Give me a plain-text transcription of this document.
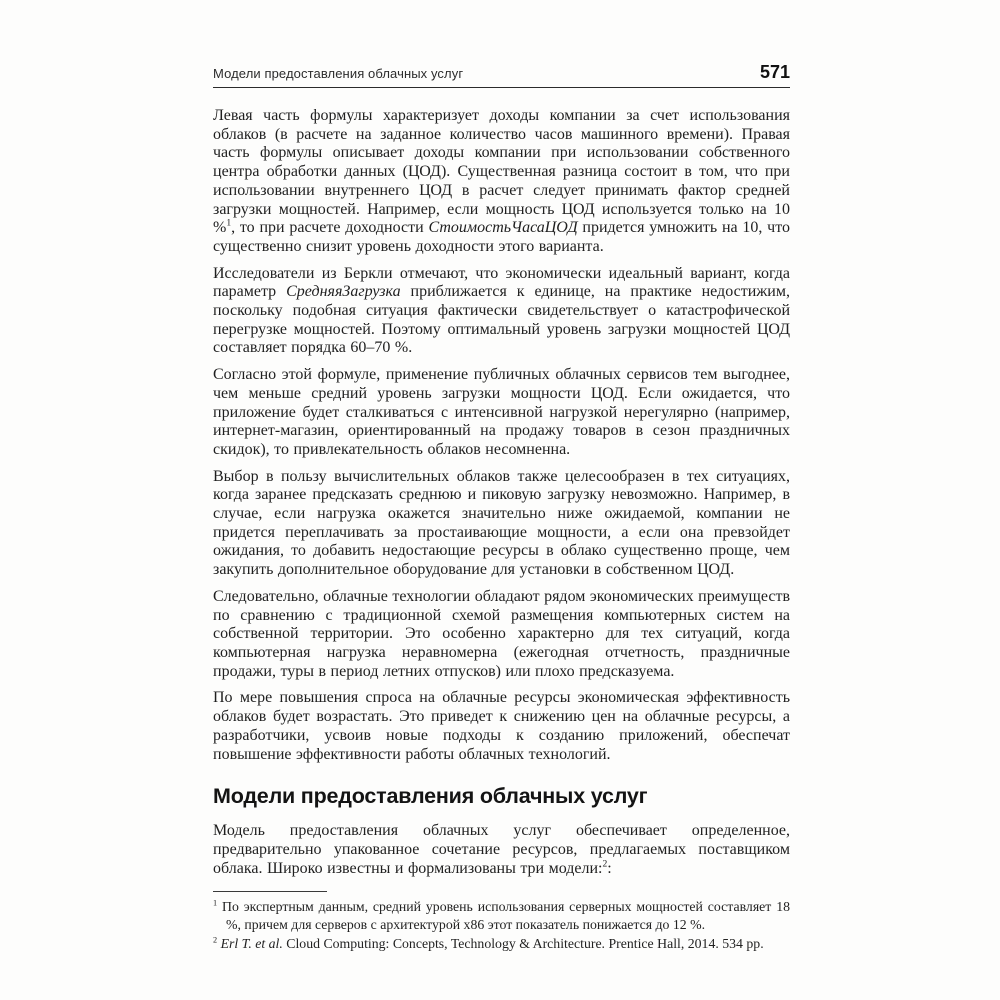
Модели предоставления облачных услуг	571

Левая часть формулы характеризует доходы компании за счет использования облаков (в расчете на заданное количество часов машинного времени). Правая часть формулы описывает доходы компании при использовании собственного центра обработки данных (ЦОД). Существенная разница состоит в том, что при использовании внутреннего ЦОД в расчет следует принимать фактор средней загрузки мощностей. Например, если мощность ЦОД используется только на 10 %$^1$, то при расчете доходности СтоимостьЧасаЦОД придется умножить на 10, что существенно снизит уровень доходности этого варианта.

Исследователи из Беркли отмечают, что экономически идеальный вариант, когда параметр СредняяЗагрузка приближается к единице, на практике недостижим, поскольку подобная ситуация фактически свидетельствует о катастрофической перегрузке мощностей. Поэтому оптимальный уровень загрузки мощностей ЦОД составляет порядка 60–70 %.

Согласно этой формуле, применение публичных облачных сервисов тем выгоднее, чем меньше средний уровень загрузки мощности ЦОД. Если ожидается, что приложение будет сталкиваться с интенсивной нагрузкой нерегулярно (например, интернет-магазин, ориентированный на продажу товаров в сезон праздничных скидок), то привлекательность облаков несомненна.

Выбор в пользу вычислительных облаков также целесообразен в тех ситуациях, когда заранее предсказать среднюю и пиковую загрузку невозможно. Например, в случае, если нагрузка окажется значительно ниже ожидаемой, компании не придется переплачивать за простаивающие мощности, а если она превзойдет ожидания, то добавить недостающие ресурсы в облако существенно проще, чем закупить дополнительное оборудование для установки в собственном ЦОД.

Следовательно, облачные технологии обладают рядом экономических преимуществ по сравнению с традиционной схемой размещения компьютерных систем на собственной территории. Это особенно характерно для тех ситуаций, когда компьютерная нагрузка неравномерна (ежегодная отчетность, праздничные продажи, туры в период летних отпусков) или плохо предсказуема.

По мере повышения спроса на облачные ресурсы экономическая эффективность облаков будет возрастать. Это приведет к снижению цен на облачные ресурсы, а разработчики, усвоив новые подходы к созданию приложений, обеспечат повышение эффективности работы облачных технологий.

Модели предоставления облачных услуг

Модель предоставления облачных услуг обеспечивает определенное, предварительно упакованное сочетание ресурсов, предлагаемых поставщиком облака. Широко известны и формализованы три модели:$^2$:

$^1$ По экспертным данным, средний уровень использования серверных мощностей составляет 18 %, причем для серверов с архитектурой x86 этот показатель понижается до 12 %.
$^2$ Erl T. et al. Cloud Computing: Concepts, Technology & Architecture. Prentice Hall, 2014. 534 pp.
